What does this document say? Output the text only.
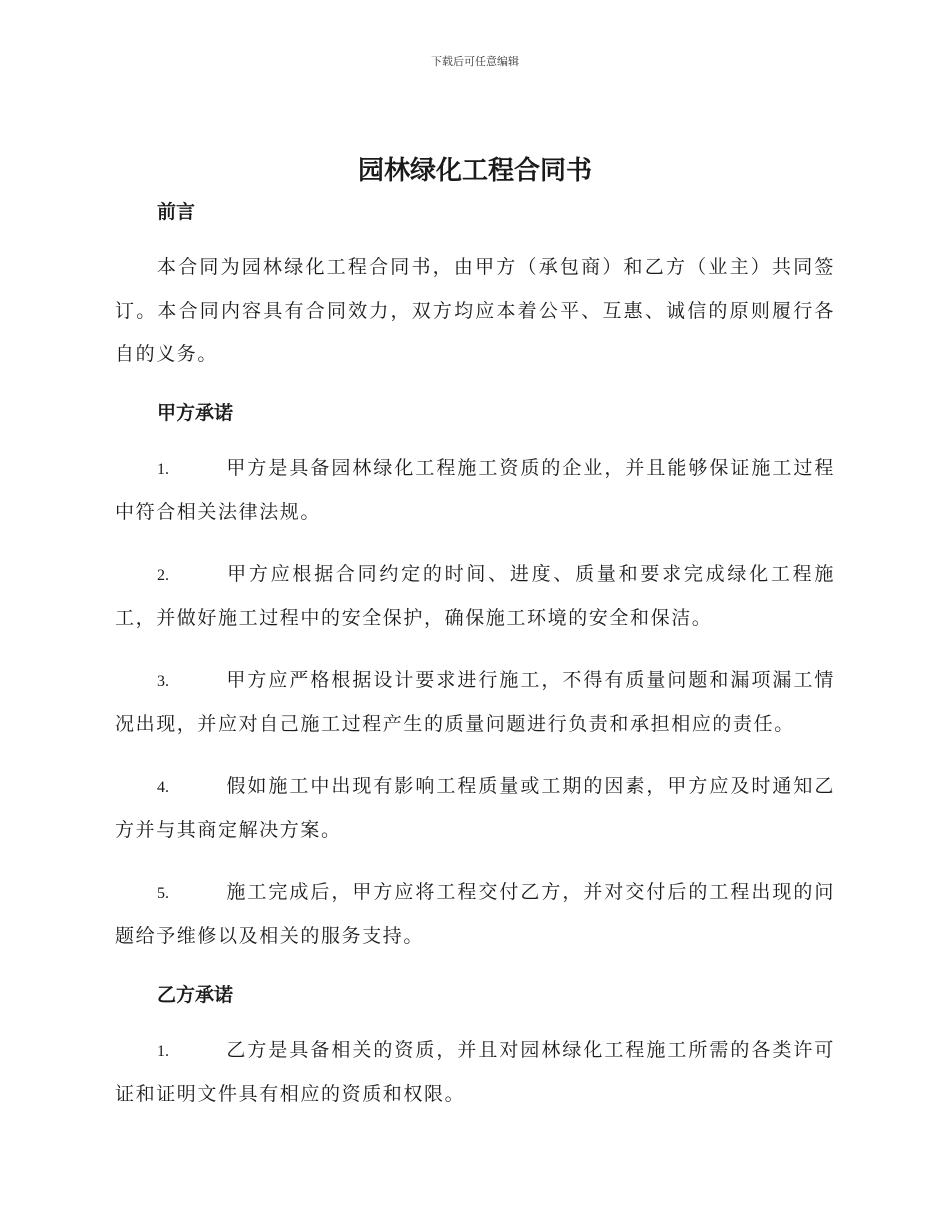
下载后可任意编辑
园林绿化工程合同书
前言

本合同为园林绿化工程合同书，由甲方（承包商）和乙方（业主）共同签订。本合同内容具有合同效力，双方均应本着公平、互惠、诚信的原则履行各自的义务。

甲方承诺

1.	甲方是具备园林绿化工程施工资质的企业，并且能够保证施工过程中符合相关法律法规。

2.	甲方应根据合同约定的时间、进度、质量和要求完成绿化工程施工，并做好施工过程中的安全保护，确保施工环境的安全和保洁。

3.	甲方应严格根据设计要求进行施工，不得有质量问题和漏项漏工情况出现，并应对自己施工过程产生的质量问题进行负责和承担相应的责任。

4.	假如施工中出现有影响工程质量或工期的因素，甲方应及时通知乙方并与其商定解决方案。

5.	施工完成后，甲方应将工程交付乙方，并对交付后的工程出现的问题给予维修以及相关的服务支持。

乙方承诺

1.	乙方是具备相关的资质，并且对园林绿化工程施工所需的各类许可证和证明文件具有相应的资质和权限。
